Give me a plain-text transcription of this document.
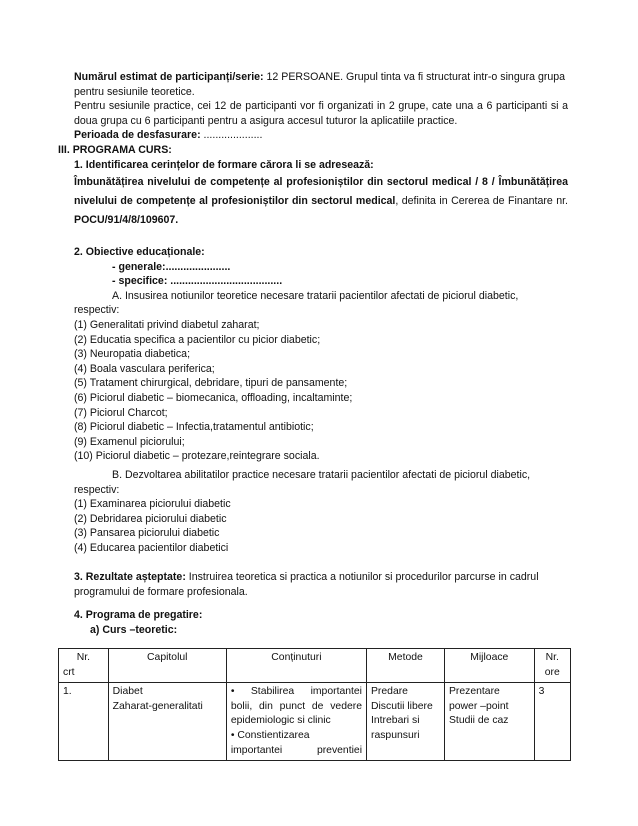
Numărul estimat de participanți/serie: 12 PERSOANE. Grupul tinta va fi structurat intr-o singura grupa
pentru sesiunile teoretice.
Pentru sesiunile practice, cei 12 de participanti vor fi organizati in 2 grupe, cate una a 6 participanti si a
doua grupa cu 6 participanti pentru a asigura accesul tuturor la aplicatiile practice.
Perioada de desfasurare: ....................
III. PROGRAMA CURS:
1. Identificarea cerințelor de formare cărora li se adresează:
Îmbunătățirea nivelului de competențe al profesioniștilor din sectorul medical / 8 / Îmbunătățirea
nivelului de competențe al profesioniștilor din sectorul medical, definita in Cererea de Finantare nr.
POCU/91/4/8/109607.
2. Obiective educaționale:
- generale:......................
- specifice: ......................................
A. Insusirea notiunilor teoretice necesare tratarii pacientilor afectati de piciorul diabetic,
respectiv:
(1) Generalitati privind diabetul zaharat;
(2) Educatia specifica a pacientilor cu picior diabetic;
(3) Neuropatia diabetica;
(4) Boala vasculara periferica;
(5) Tratament chirurgical, debridare, tipuri de pansamente;
(6) Piciorul diabetic – biomecanica, offloading, incaltaminte;
(7) Piciorul Charcot;
(8) Piciorul diabetic – Infectia,tratamentul antibiotic;
(9) Examenul piciorului;
(10) Piciorul diabetic – protezare,reintegrare sociala.
B. Dezvoltarea abilitatilor practice necesare tratarii pacientilor afectati de piciorul diabetic,
respectiv:
(1) Examinarea piciorului diabetic
(2) Debridarea piciorului diabetic
(3) Pansarea piciorului diabetic
(4) Educarea pacientilor diabetici
3. Rezultate așteptate: Instruirea teoretica si practica a notiunilor si procedurilor parcurse in cadrul
programului de formare profesionala.
4. Programa de pregatire:
a) Curs –teoretic:
Nr.
crt	Capitolul	Conținuturi	Metode	Mijloace	Nr.
ore

1.	Diabet
Zaharat-generalitati	• Stabilirea importantei
bolii, din punct de vedere
epidemiologic si clinic
• Constientizarea
importantei preventiei	Predare
Discutii libere
Intrebari si
raspunsuri	Prezentare
power –point
Studii de caz	3
